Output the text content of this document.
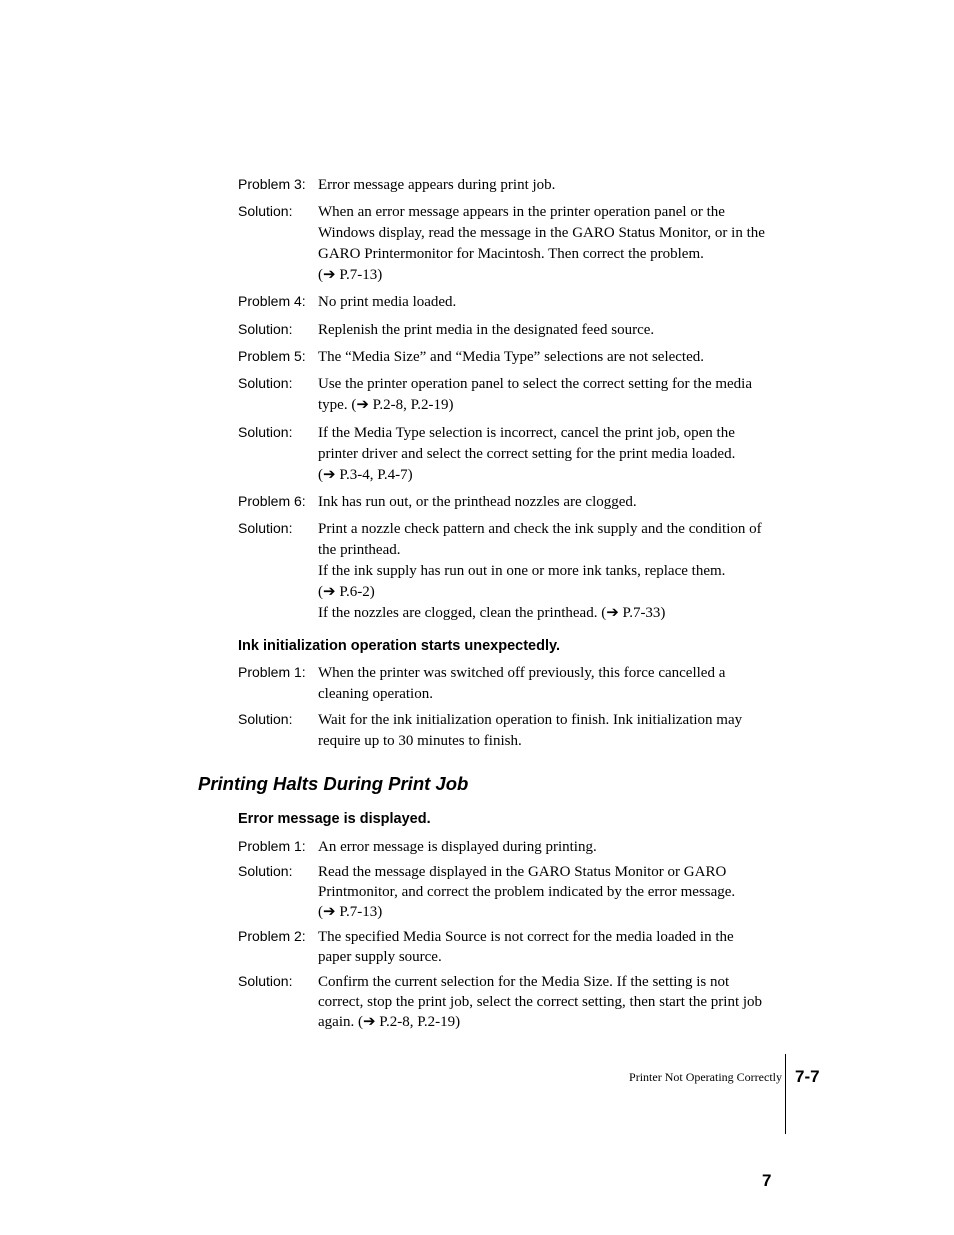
Problem 3: Error message appears during print job.

Solution: When an error message appears in the printer operation panel or the
Windows display, read the message in the GARO Status Monitor, or in the
GARO Printermonitor for Macintosh. Then correct the problem.
(➔ P.7-13)

Problem 4: No print media loaded.

Solution: Replenish the print media in the designated feed source.

Problem 5: The “Media Size” and “Media Type” selections are not selected.

Solution: Use the printer operation panel to select the correct setting for the media
type. (➔ P.2-8, P.2-19)

Solution: If the Media Type selection is incorrect, cancel the print job, open the
printer driver and select the correct setting for the print media loaded.
(➔ P.3-4, P.4-7)

Problem 6: Ink has run out, or the printhead nozzles are clogged.

Solution: Print a nozzle check pattern and check the ink supply and the condition of
the printhead.
If the ink supply has run out in one or more ink tanks, replace them.
(➔ P.6-2)
If the nozzles are clogged, clean the printhead. (➔ P.7-33)

Ink initialization operation starts unexpectedly.
Problem 1: When the printer was switched off previously, this force cancelled a
cleaning operation.

Solution: Wait for the ink initialization operation to finish. Ink initialization may
require up to 30 minutes to finish.

Printing Halts During Print Job
Error message is displayed.
Problem 1: An error message is displayed during printing.

Solution: Read the message displayed in the GARO Status Monitor or GARO
Printmonitor, and correct the problem indicated by the error message.
(➔ P.7-13)

Problem 2: The specified Media Source is not correct for the media loaded in the
paper supply source.

Solution: Confirm the current selection for the Media Size. If the setting is not
correct, stop the print job, select the correct setting, then start the print job
again. (➔ P.2-8, P.2-19)

Printer Not Operating Correctly 7-7
7
